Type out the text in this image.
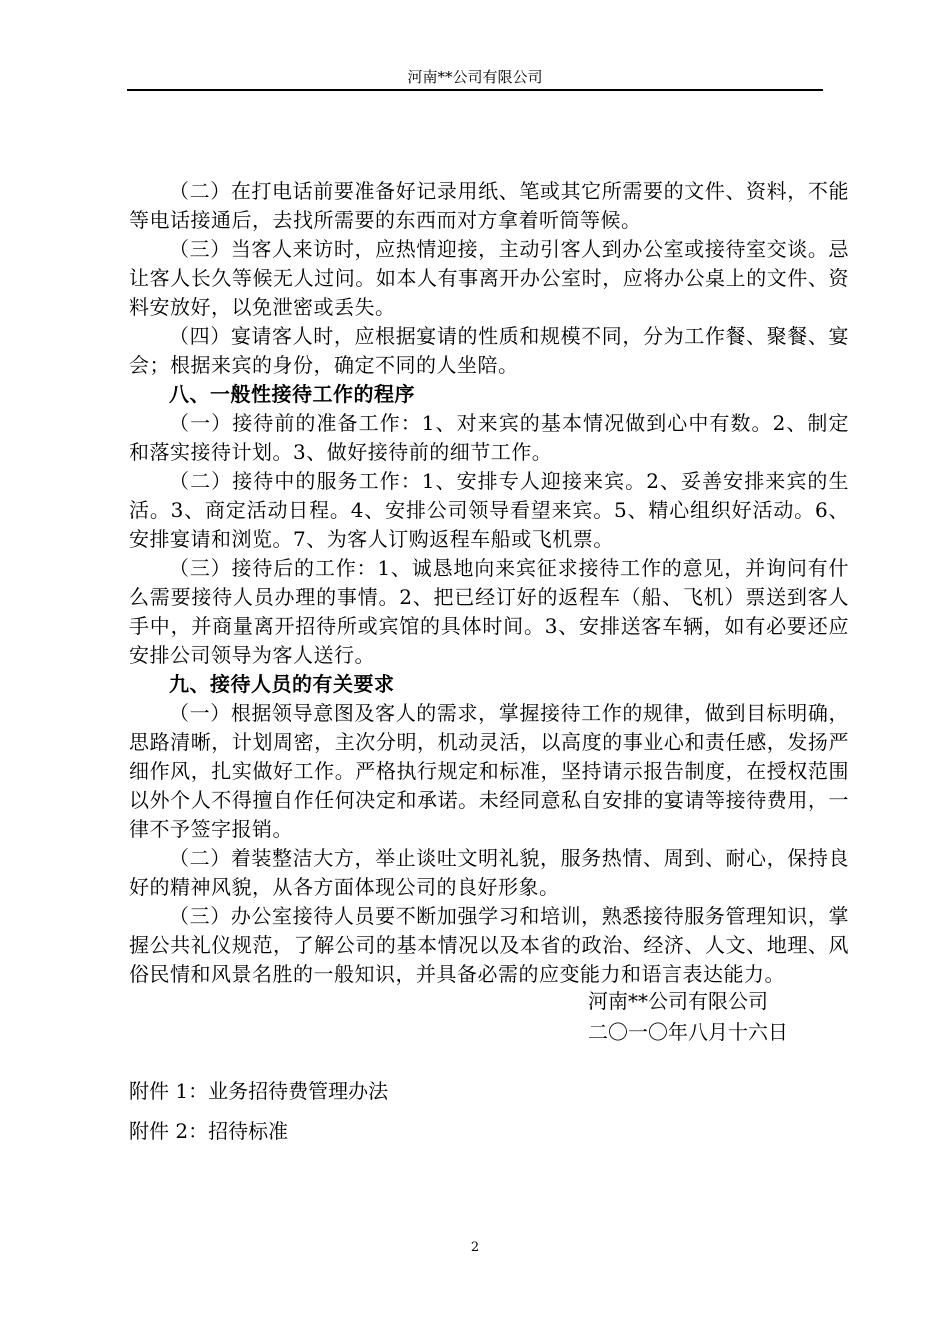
河南**公司有限公司

（二）在打电话前要准备好记录用纸、笔或其它所需要的文件、资料，不能等电话接通后，去找所需要的东西而对方拿着听筒等候。

（三）当客人来访时，应热情迎接，主动引客人到办公室或接待室交谈。忌让客人长久等候无人过问。如本人有事离开办公室时，应将办公桌上的文件、资料安放好，以免泄密或丢失。

（四）宴请客人时，应根据宴请的性质和规模不同，分为工作餐、聚餐、宴会；根据来宾的身份，确定不同的人坐陪。

八、一般性接待工作的程序

（一）接待前的准备工作：1、对来宾的基本情况做到心中有数。2、制定和落实接待计划。3、做好接待前的细节工作。

（二）接待中的服务工作：1、安排专人迎接来宾。2、妥善安排来宾的生活。3、商定活动日程。4、安排公司领导看望来宾。5、精心组织好活动。6、安排宴请和浏览。7、为客人订购返程车船或飞机票。

（三）接待后的工作：1、诚恳地向来宾征求接待工作的意见，并询问有什么需要接待人员办理的事情。2、把已经订好的返程车（船、飞机）票送到客人手中，并商量离开招待所或宾馆的具体时间。3、安排送客车辆，如有必要还应安排公司领导为客人送行。

九、接待人员的有关要求

（一）根据领导意图及客人的需求，掌握接待工作的规律，做到目标明确，思路清晰，计划周密，主次分明，机动灵活，以高度的事业心和责任感，发扬严细作风，扎实做好工作。严格执行规定和标准，坚持请示报告制度，在授权范围以外个人不得擅自作任何决定和承诺。未经同意私自安排的宴请等接待费用，一律不予签字报销。

（二）着装整洁大方，举止谈吐文明礼貌，服务热情、周到、耐心，保持良好的精神风貌，从各方面体现公司的良好形象。

（三）办公室接待人员要不断加强学习和培训，熟悉接待服务管理知识，掌握公共礼仪规范，了解公司的基本情况以及本省的政治、经济、人文、地理、风俗民情和风景名胜的一般知识，并具备必需的应变能力和语言表达能力。

河南**公司有限公司
二〇一〇年八月十六日
附件 1：业务招待费管理办法
附件 2：招待标准
2
